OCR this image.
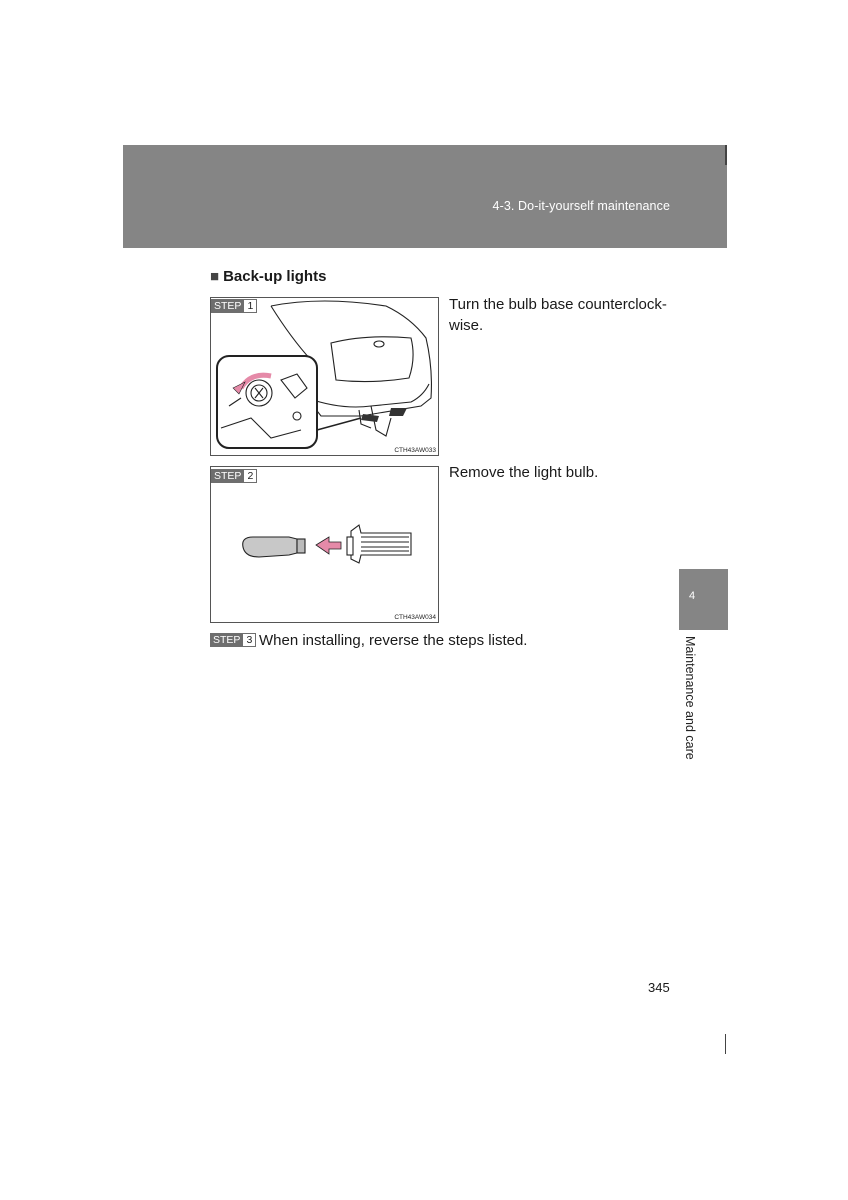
4-3. Do-it-yourself maintenance
■ Back-up lights
CTH43AW033
STEP 1	Turn the bulb base counterclock-
wise.
CTH43AW034
STEP 2	Remove the light bulb.
STEP 3 When installing, reverse the steps listed.
4
Maintenance and care
345
